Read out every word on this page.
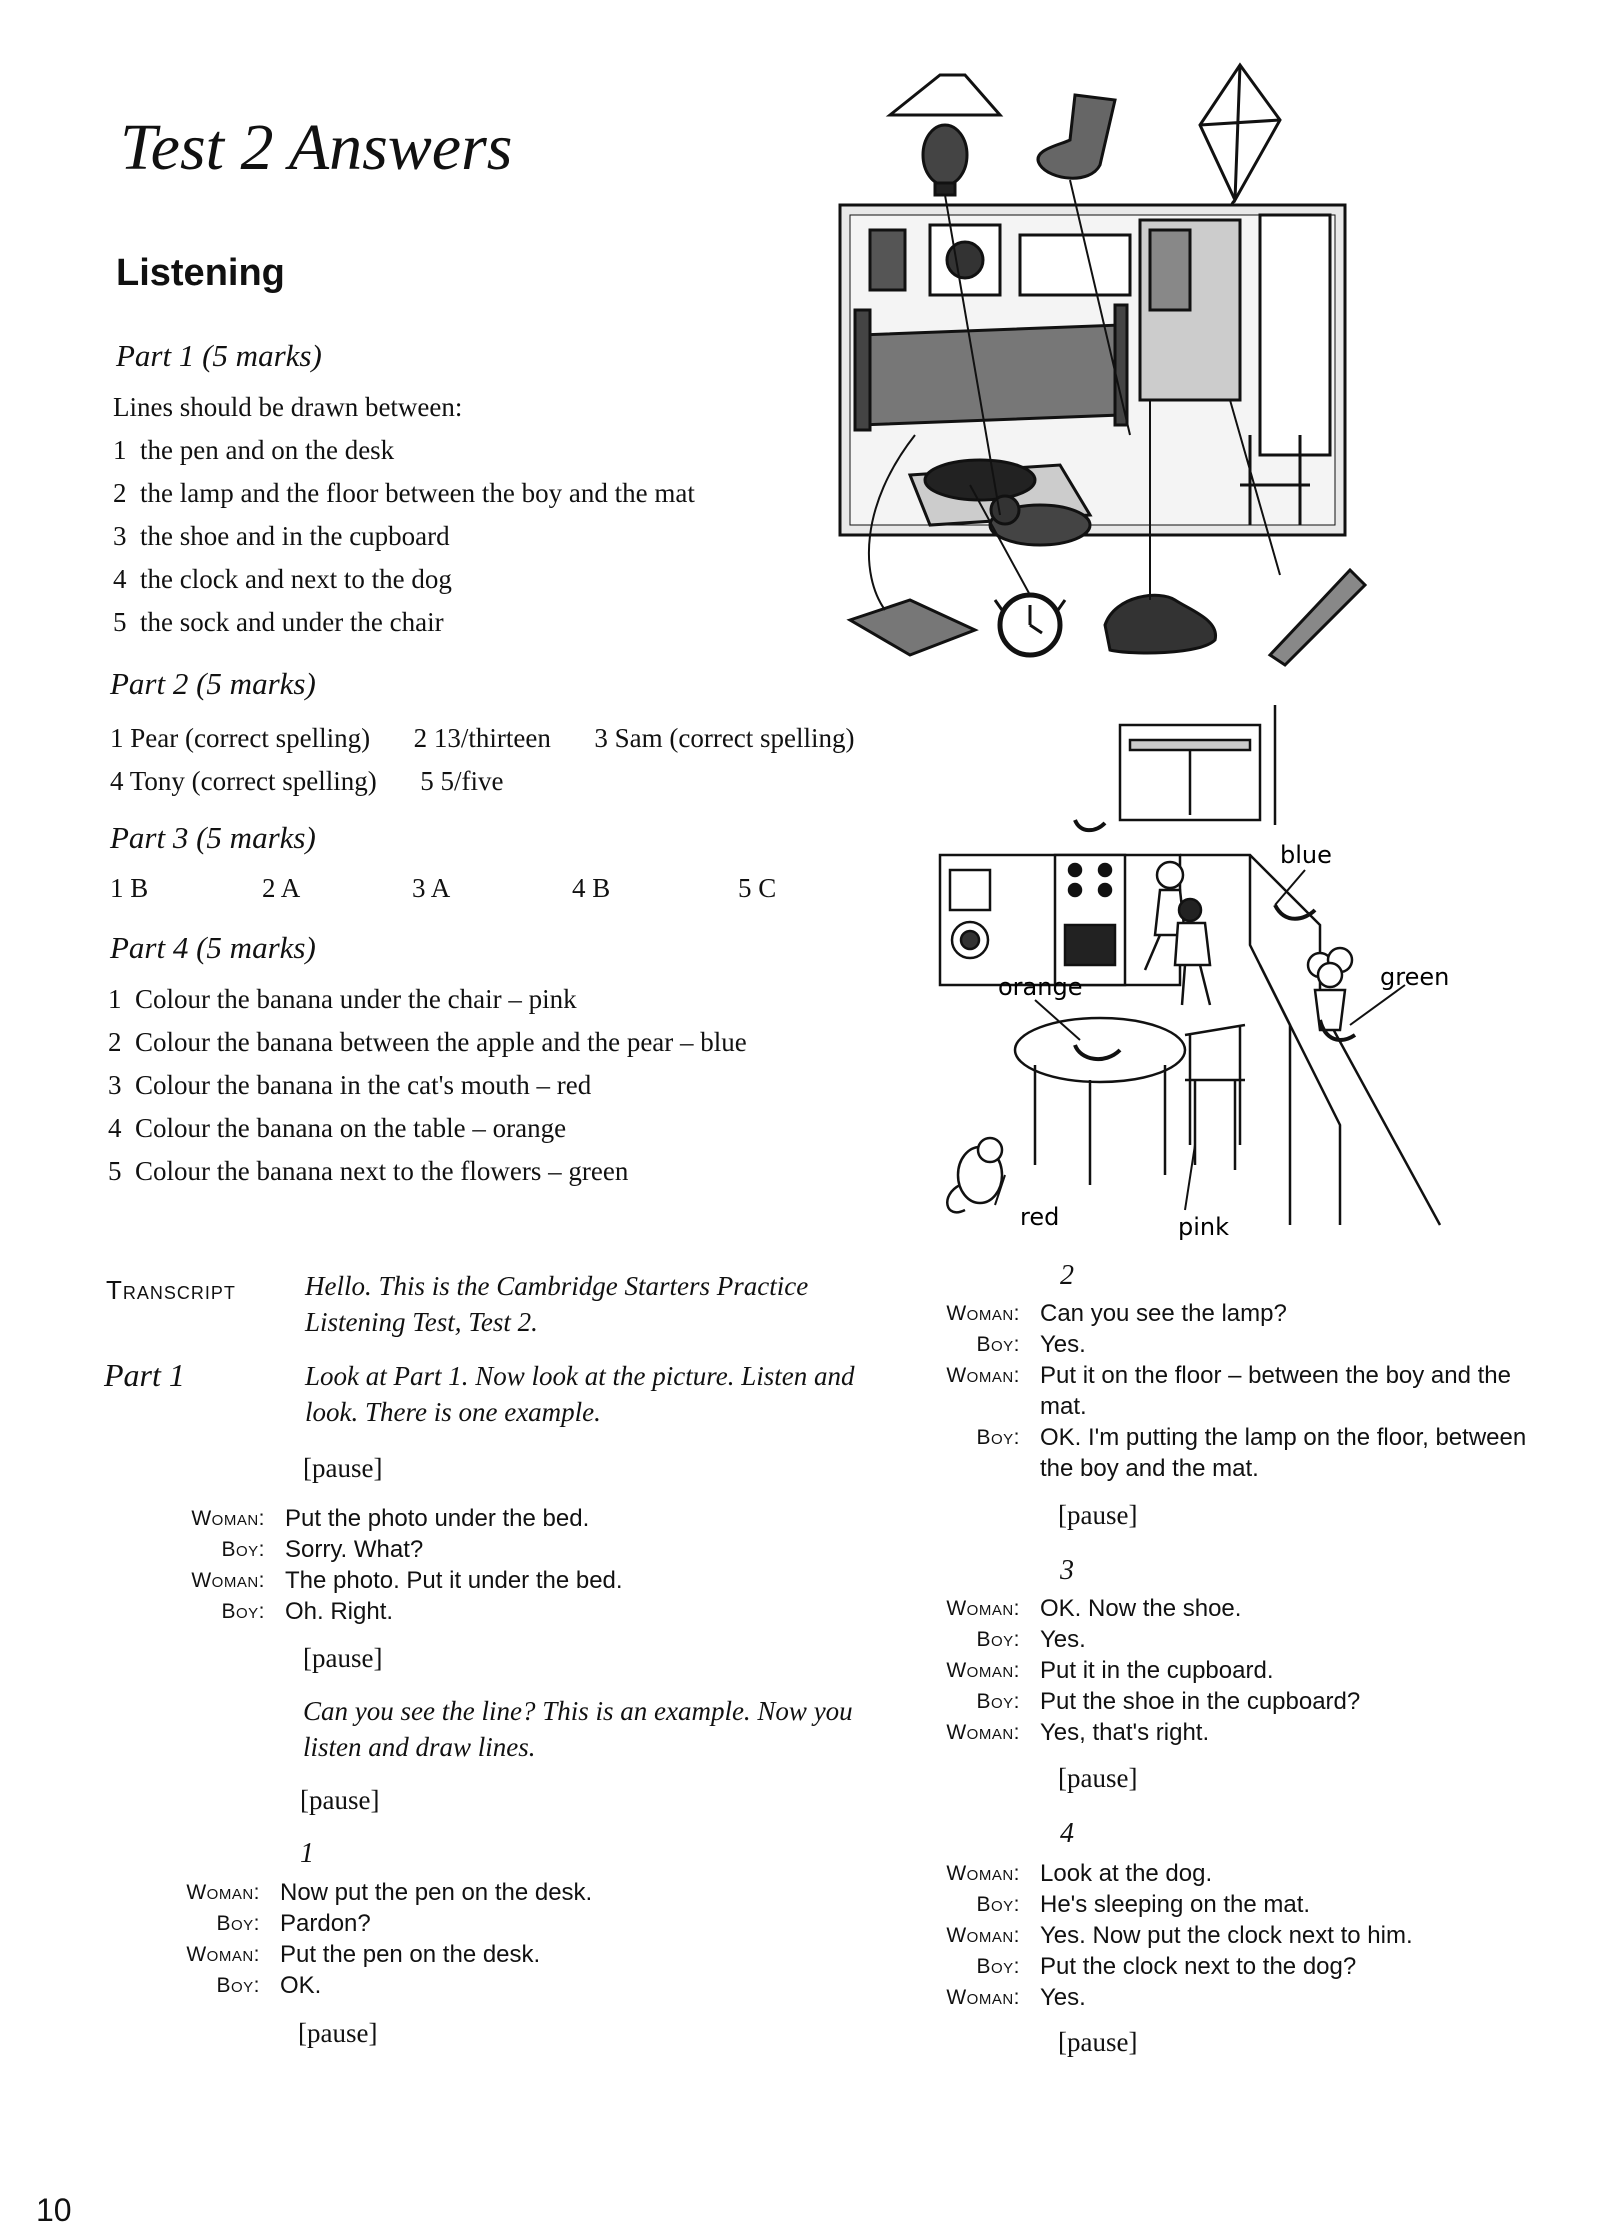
Test 2 Answers
Listening
Part 1 (5 marks)
Lines should be drawn between:
1 the pen and on the desk
2 the lamp and the floor between the boy and the mat
3 the shoe and in the cupboard
4 the clock and next to the dog
5 the sock and under the chair
Part 2 (5 marks)
1 Pear (correct spelling) 2 13/thirteen 3 Sam (correct spelling)
4 Tony (correct spelling) 5 5/five
Part 3 (5 marks)
1 B	2 A	3 A	4 B	5 C
Part 4 (5 marks)
1 Colour the banana under the chair – pink
2 Colour the banana between the apple and the pear – blue
3 Colour the banana in the cat's mouth – red
4 Colour the banana on the table – orange
5 Colour the banana next to the flowers – green
blue
green
orange
red	pink
Transcript	Hello. This is the Cambridge Starters Practice Listening Test, Test 2.
Part 1	Look at Part 1. Now look at the picture. Listen and look. There is one example.
[pause]
Woman: Put the photo under the bed.
Boy: Sorry. What?
Woman: The photo. Put it under the bed.
Boy: Oh. Right.
[pause]
Can you see the line? This is an example. Now you listen and draw lines.
[pause]
1
Woman: Now put the pen on the desk.
Boy: Pardon?
Woman: Put the pen on the desk.
Boy: OK.
[pause]
2
Woman: Can you see the lamp?
Boy: Yes.
Woman: Put it on the floor – between the boy and the mat.
Boy: OK. I'm putting the lamp on the floor, between the boy and the mat.
[pause]
3
Woman: OK. Now the shoe.
Boy: Yes.
Woman: Put it in the cupboard.
Boy: Put the shoe in the cupboard?
Woman: Yes, that's right.
[pause]
4
Woman: Look at the dog.
Boy: He's sleeping on the mat.
Woman: Yes. Now put the clock next to him.
Boy: Put the clock next to the dog?
Woman: Yes.
[pause]
10
